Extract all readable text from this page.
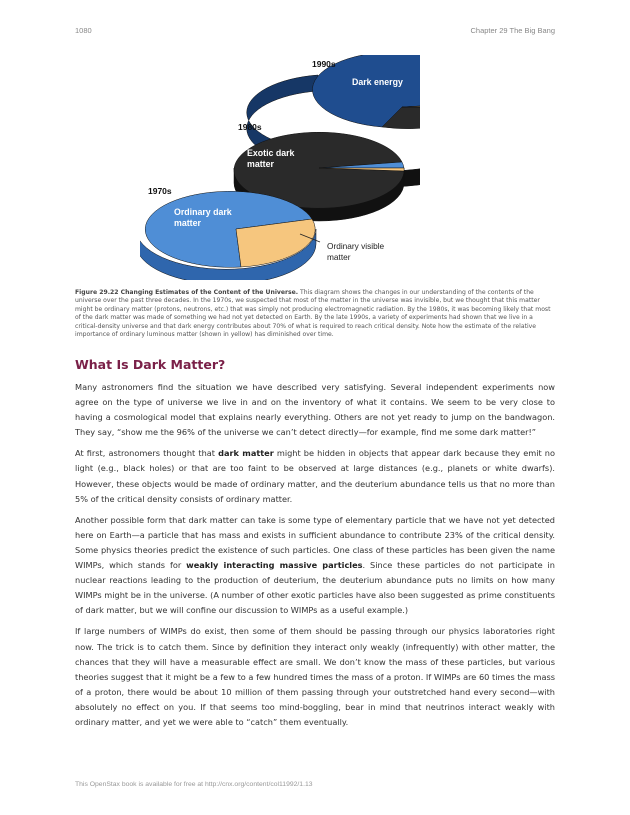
1080	Chapter 29 The Big Bang
1990s
Dark energy
1980s
Exotic dark
matter
1970s
Ordinary dark
matter
Ordinary visible
matter
Figure 29.22 Changing Estimates of the Content of the Universe. This diagram shows the changes in our understanding of the contents of the universe over the past three decades. In the 1970s, we suspected that most of the matter in the universe was invisible, but we thought that this matter might be ordinary matter (protons, neutrons, etc.) that was simply not producing electromagnetic radiation. By the 1980s, it was becoming likely that most of the dark matter was made of something we had not yet detected on Earth. By the late 1990s, a variety of experiments had shown that we live in a critical-density universe and that dark energy contributes about 70% of what is required to reach critical density. Note how the estimate of the relative importance of ordinary luminous matter (shown in yellow) has diminished over time.
What Is Dark Matter?

Many astronomers find the situation we have described very satisfying. Several independent experiments now agree on the type of universe we live in and on the inventory of what it contains. We seem to be very close to having a cosmological model that explains nearly everything. Others are not yet ready to jump on the bandwagon. They say, “show me the 96% of the universe we can’t detect directly—for example, find me some dark matter!”

At first, astronomers thought that dark matter might be hidden in objects that appear dark because they emit no light (e.g., black holes) or that are too faint to be observed at large distances (e.g., planets or white dwarfs). However, these objects would be made of ordinary matter, and the deuterium abundance tells us that no more than 5% of the critical density consists of ordinary matter.

Another possible form that dark matter can take is some type of elementary particle that we have not yet detected here on Earth—a particle that has mass and exists in sufficient abundance to contribute 23% of the critical density. Some physics theories predict the existence of such particles. One class of these particles has been given the name WIMPs, which stands for weakly interacting massive particles. Since these particles do not participate in nuclear reactions leading to the production of deuterium, the deuterium abundance puts no limits on how many WIMPs might be in the universe. (A number of other exotic particles have also been suggested as prime constituents of dark matter, but we will confine our discussion to WIMPs as a useful example.)

If large numbers of WIMPs do exist, then some of them should be passing through our physics laboratories right now. The trick is to catch them. Since by definition they interact only weakly (infrequently) with other matter, the chances that they will have a measurable effect are small. We don’t know the mass of these particles, but various theories suggest that it might be a few to a few hundred times the mass of a proton. If WIMPs are 60 times the mass of a proton, there would be about 10 million of them passing through your outstretched hand every second—with absolutely no effect on you. If that seems too mind-boggling, bear in mind that neutrinos interact weakly with ordinary matter, and yet we were able to “catch” them eventually.

This OpenStax book is available for free at http://cnx.org/content/col11992/1.13
